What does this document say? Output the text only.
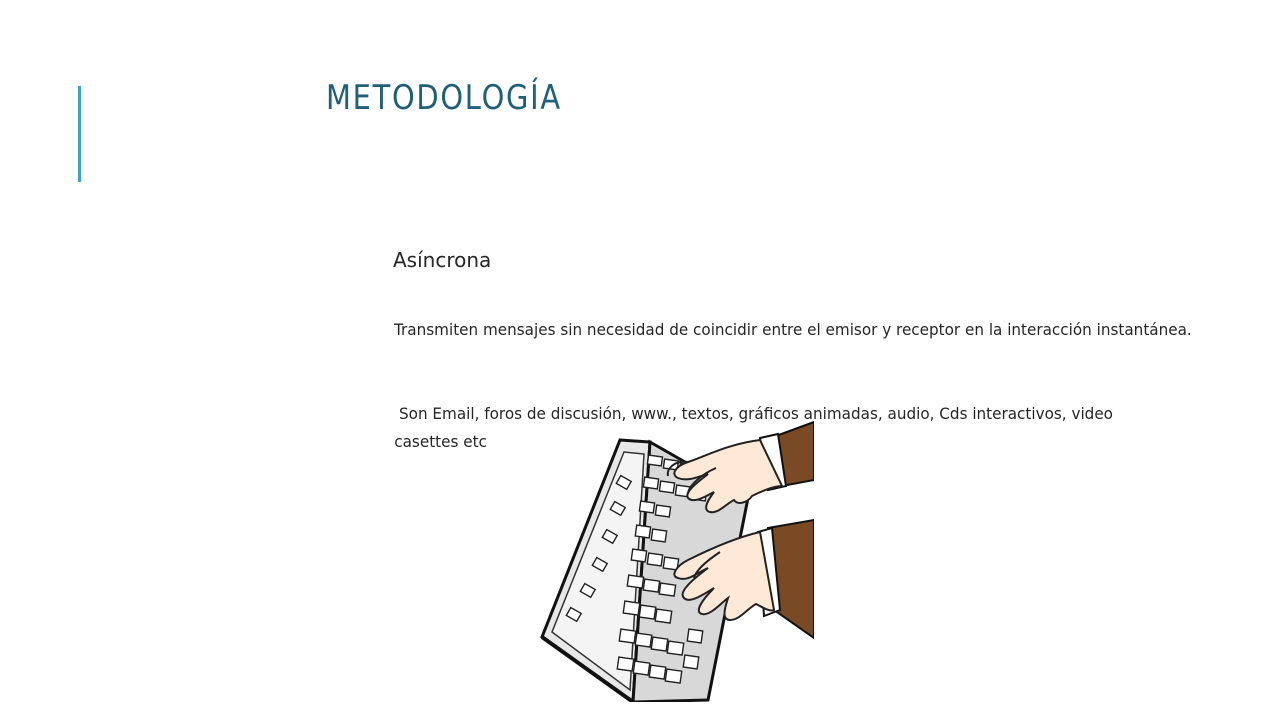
METODOLOGÍA

Asíncrona

Transmiten mensajes sin necesidad de coincidir entre el emisor y receptor en la interacción instantánea.

Son Email, foros de discusión, www., textos, gráficos animadas, audio, Cds interactivos, video
casettes etc
